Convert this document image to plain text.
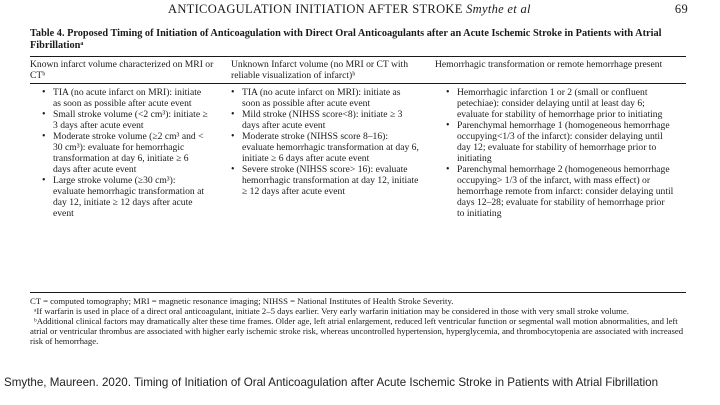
ANTICOAGULATION INITIATION AFTER STROKE Smythe et al	69
Table 4. Proposed Timing of Initiation of Anticoagulation with Direct Oral Anticoagulants after an Acute Ischemic Stroke in Patients with Atrial Fibrillationᵃ
Known infarct volume characterized on MRI or CTᵇ
Unknown Infarct volume (no MRI or CT with reliable visualization of infarct)ᵇ
Hemorrhagic transformation or remote hemorrhage present
• TIA (no acute infarct on MRI): initiate as soon as possible after acute event
• Small stroke volume (<2 cm³): initiate ≥ 3 days after acute event
• Moderate stroke volume (≥2 cm³ and < 30 cm³): evaluate for hemorrhagic transformation at day 6, initiate ≥ 6 days after acute event
• Large stroke volume (≥30 cm³): evaluate hemorrhagic transformation at day 12, initiate ≥ 12 days after acute event
• TIA (no acute infarct on MRI): initiate as soon as possible after acute event
• Mild stroke (NIHSS score<8): initiate ≥ 3 days after acute event
• Moderate stroke (NIHSS score 8–16): evaluate hemorrhagic transformation at day 6, initiate ≥ 6 days after acute event
• Severe stroke (NIHSS score> 16): evaluate hemorrhagic transformation at day 12, initiate ≥ 12 days after acute event
• Hemorrhagic infarction 1 or 2 (small or confluent petechiae): consider delaying until at least day 6; evaluate for stability of hemorrhage prior to initiating
• Parenchymal hemorrhage 1 (homogeneous hemorrhage occupying<1/3 of the infarct): consider delaying until day 12; evaluate for stability of hemorrhage prior to initiating
• Parenchymal hemorrhage 2 (homogeneous hemorrhage occupying> 1/3 of the infarct, with mass effect) or hemorrhage remote from infarct: consider delaying until days 12–28; evaluate for stability of hemorrhage prior to initiating

CT = computed tomography; MRI = magnetic resonance imaging; NIHSS = National Institutes of Health Stroke Severity.

ᵃIf warfarin is used in place of a direct oral anticoagulant, initiate 2–5 days earlier. Very early warfarin initiation may be considered in those with very small stroke volume.

ᵇAdditional clinical factors may dramatically alter these time frames. Older age, left atrial enlargement, reduced left ventricular function or segmental wall motion abnormalities, and left atrial or ventricular thrombus are associated with higher early ischemic stroke risk, whereas uncontrolled hypertension, hyperglycemia, and thrombocytopenia are associated with increased risk of hemorrhage.

Smythe, Maureen. 2020. Timing of Initiation of Oral Anticoagulation after Acute Ischemic Stroke in Patients with Atrial Fibrillation
